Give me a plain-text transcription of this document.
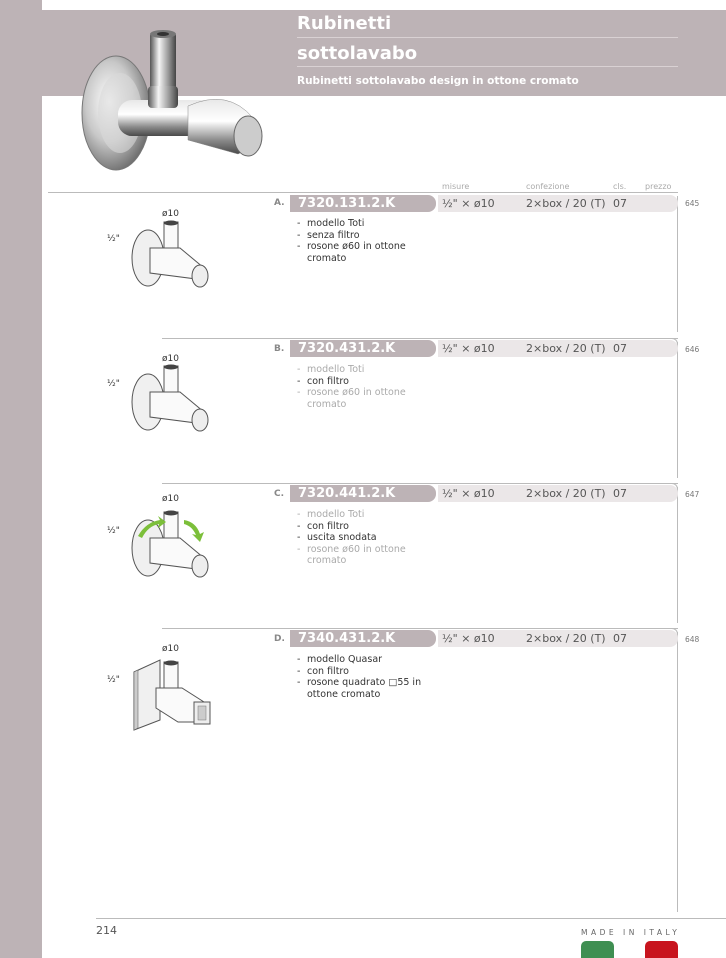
Rubinetti
sottolavabo
Rubinetti sottolavabo design in ottone cromato
misure	confezione	cls. prezzo
A.	7320.131.2.K	½" × ø10	2×box / 20 (T) 07	645
- modello Toti
- senza filtro
- rosone ø60 in ottone cromato
ø10
½"
B.	7320.431.2.K	½" × ø10	2×box / 20 (T) 07	646
- modello Toti
- con filtro
- rosone ø60 in ottone cromato
ø10
½"
C.	7320.441.2.K	½" × ø10	2×box / 20 (T) 07	647
- modello Toti
- con filtro
- uscita snodata
- rosone ø60 in ottone cromato
ø10
½"
D.	7340.431.2.K	½" × ø10	2×box / 20 (T) 07	648
- modello Quasar
- con filtro
- rosone quadrato □55 in ottone cromato
ø10
½"
214	MADE IN ITALY
